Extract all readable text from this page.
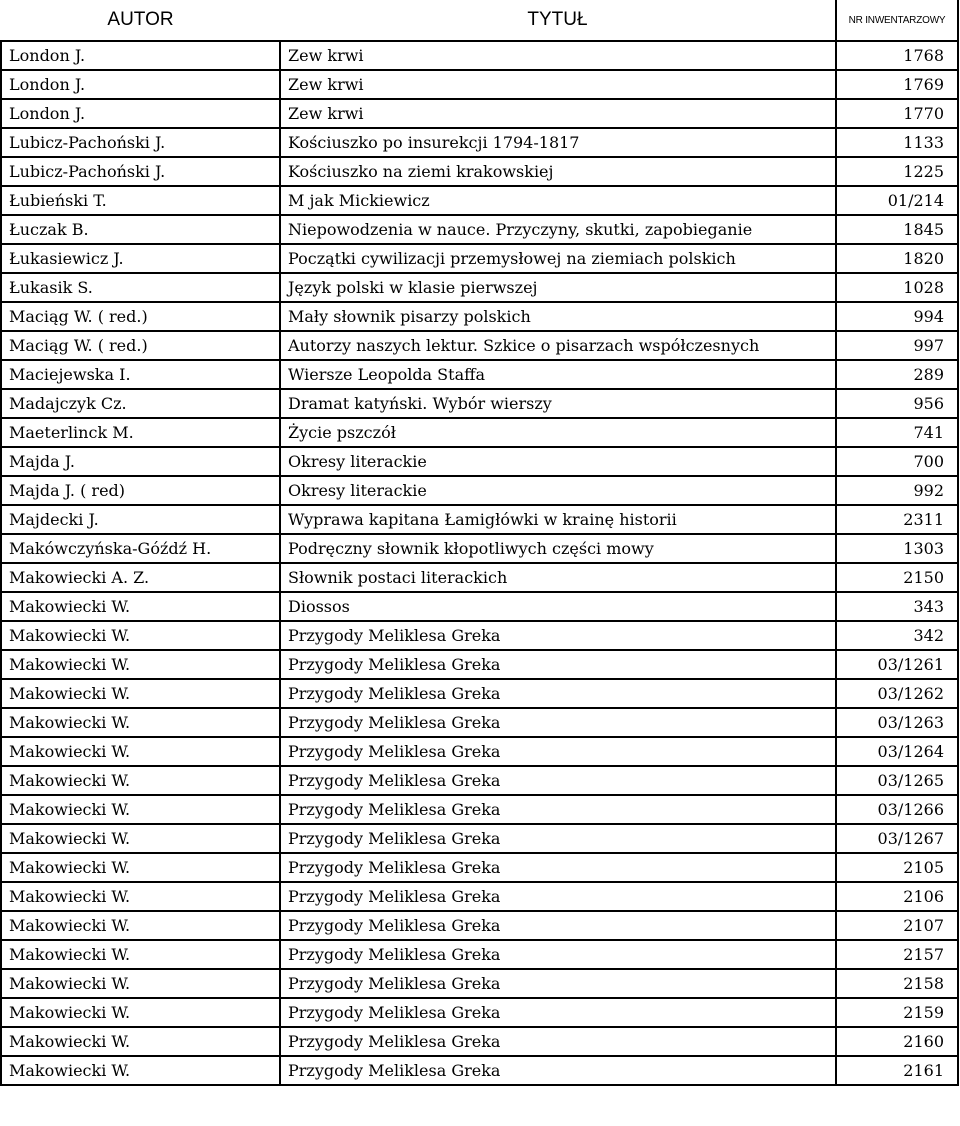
AUTOR	TYTUŁ	NR INWENTARZOWY
London J.	Zew krwi	1768
London J.	Zew krwi	1769
London J.	Zew krwi	1770
Lubicz-Pachoński J.	Kościuszko po insurekcji 1794-1817	1133
Lubicz-Pachoński J.	Kościuszko na ziemi krakowskiej	1225
Łubieński T.	M jak Mickiewicz	01/214
Łuczak B.	Niepowodzenia w nauce. Przyczyny, skutki, zapobieganie	1845
Łukasiewicz J.	Początki cywilizacji przemysłowej na ziemiach polskich	1820
Łukasik S.	Język polski w klasie pierwszej	1028
Maciąg W. ( red.)	Mały słownik pisarzy polskich	994
Maciąg W. ( red.)	Autorzy naszych lektur. Szkice o pisarzach współczesnych	997
Maciejewska I.	Wiersze Leopolda Staffa	289
Madajczyk Cz.	Dramat katyński. Wybór wierszy	956
Maeterlinck M.	Życie pszczół	741
Majda J.	Okresy literackie	700
Majda J. ( red)	Okresy literackie	992
Majdecki J.	Wyprawa kapitana Łamigłówki w krainę historii	2311
Makówczyńska-Góźdź H.	Podręczny słownik kłopotliwych części mowy	1303
Makowiecki A. Z.	Słownik postaci literackich	2150
Makowiecki W.	Diossos	343
Makowiecki W.	Przygody Meliklesa Greka	342
Makowiecki W.	Przygody Meliklesa Greka	03/1261
Makowiecki W.	Przygody Meliklesa Greka	03/1262
Makowiecki W.	Przygody Meliklesa Greka	03/1263
Makowiecki W.	Przygody Meliklesa Greka	03/1264
Makowiecki W.	Przygody Meliklesa Greka	03/1265
Makowiecki W.	Przygody Meliklesa Greka	03/1266
Makowiecki W.	Przygody Meliklesa Greka	03/1267
Makowiecki W.	Przygody Meliklesa Greka	2105
Makowiecki W.	Przygody Meliklesa Greka	2106
Makowiecki W.	Przygody Meliklesa Greka	2107
Makowiecki W.	Przygody Meliklesa Greka	2157
Makowiecki W.	Przygody Meliklesa Greka	2158
Makowiecki W.	Przygody Meliklesa Greka	2159
Makowiecki W.	Przygody Meliklesa Greka	2160
Makowiecki W.	Przygody Meliklesa Greka	2161
